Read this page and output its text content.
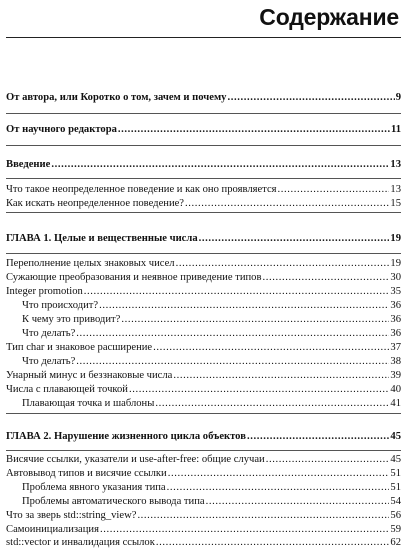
Содержание
От автора, или Коротко о том, зачем и почему .....	9
От научного редактора .....	11
Введение .....	13
Что такое неопределенное поведение и как оно проявляется .....	13
Как искать неопределенное поведение? .....	15
ГЛАВА 1. Целые и вещественные числа .....	19
Переполнение целых знаковых чисел .....	19
Сужающие преобразования и неявное приведение типов .....	30
Integer promotion .....	35
Что происходит? .....	36
К чему это приводит? .....	36
Что делать? .....	36
Тип char и знаковое расширение .....	37
Что делать? .....	38
Унарный минус и беззнаковые числа .....	39
Числа с плавающей точкой .....	40
Плавающая точка и шаблоны .....	41
ГЛАВА 2. Нарушение жизненного цикла объектов .....	45
Висячие ссылки, указатели и use-after-free: общие случаи .....	45
Автовывод типов и висячие ссылки .....	51
Проблема явного указания типа .....	51
Проблемы автоматического вывода типа .....	54
Что за зверь std::string_view? .....	56
Самоинициализация .....	59
std::vector и инвалидация ссылок .....	62
